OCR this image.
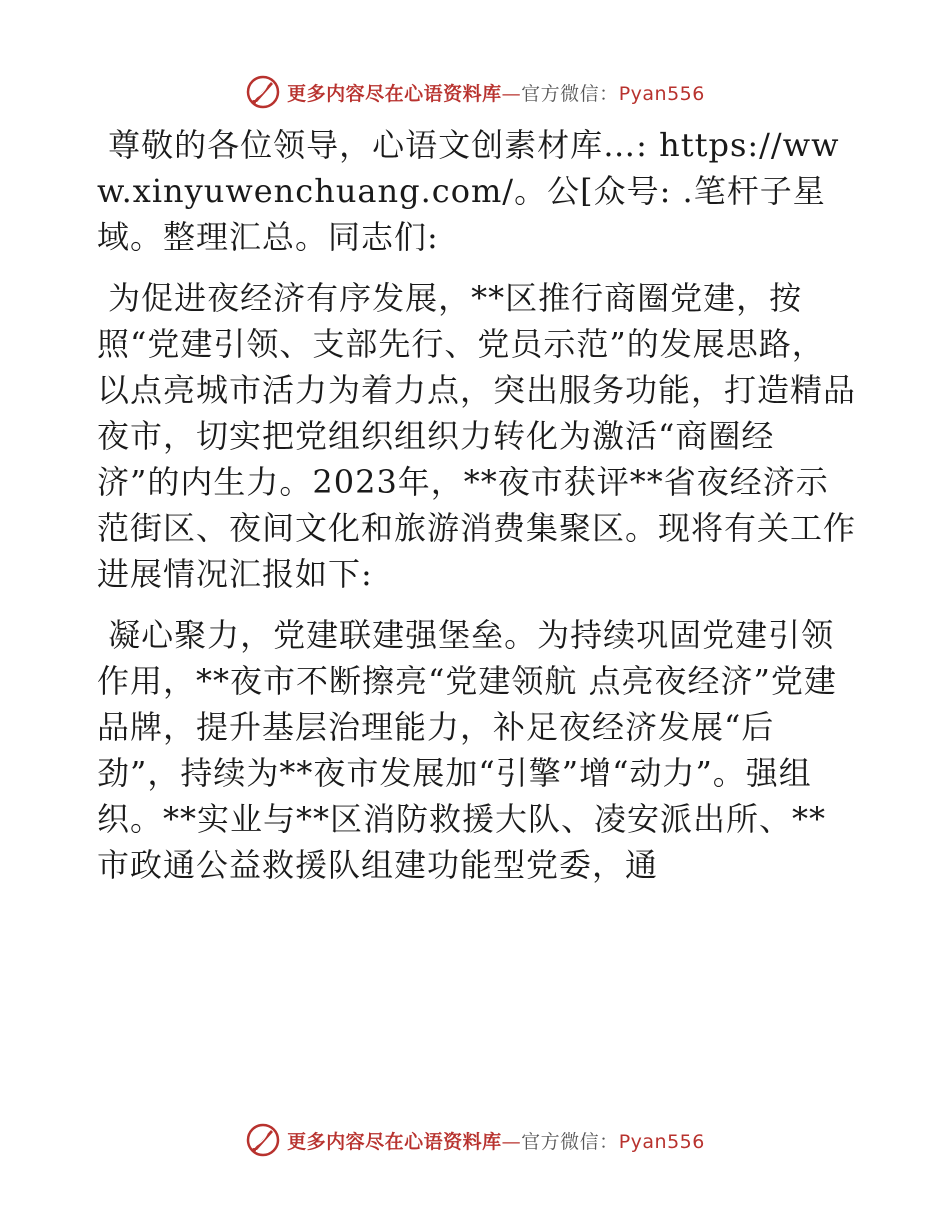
更多内容尽在心语资料库—官方微信：Pyan556

尊敬的各位领导，心语文创素材库…: https://www.xinyuwenchuang.com/。公[众号: .笔杆子星域。整理汇总。同志们:

为促进夜经济有序发展，**区推行商圈党建，按照“党建引领、支部先行、党员示范”的发展思路，以点亮城市活力为着力点，突出服务功能，打造精品夜市，切实把党组织组织力转化为激活“商圈经济”的内生力。2023年，**夜市获评**省夜经济示范街区、夜间文化和旅游消费集聚区。现将有关工作进展情况汇报如下:

凝心聚力，党建联建强堡垒。为持续巩固党建引领作用，**夜市不断擦亮“党建领航 点亮夜经济”党建品牌，提升基层治理能力，补足夜经济发展“后劲”，持续为**夜市发展加“引擎”增“动力”。强组织。**实业与**区消防救援大队、凌安派出所、**市政通公益救援队组建功能型党委，通

更多内容尽在心语资料库—官方微信：Pyan556
